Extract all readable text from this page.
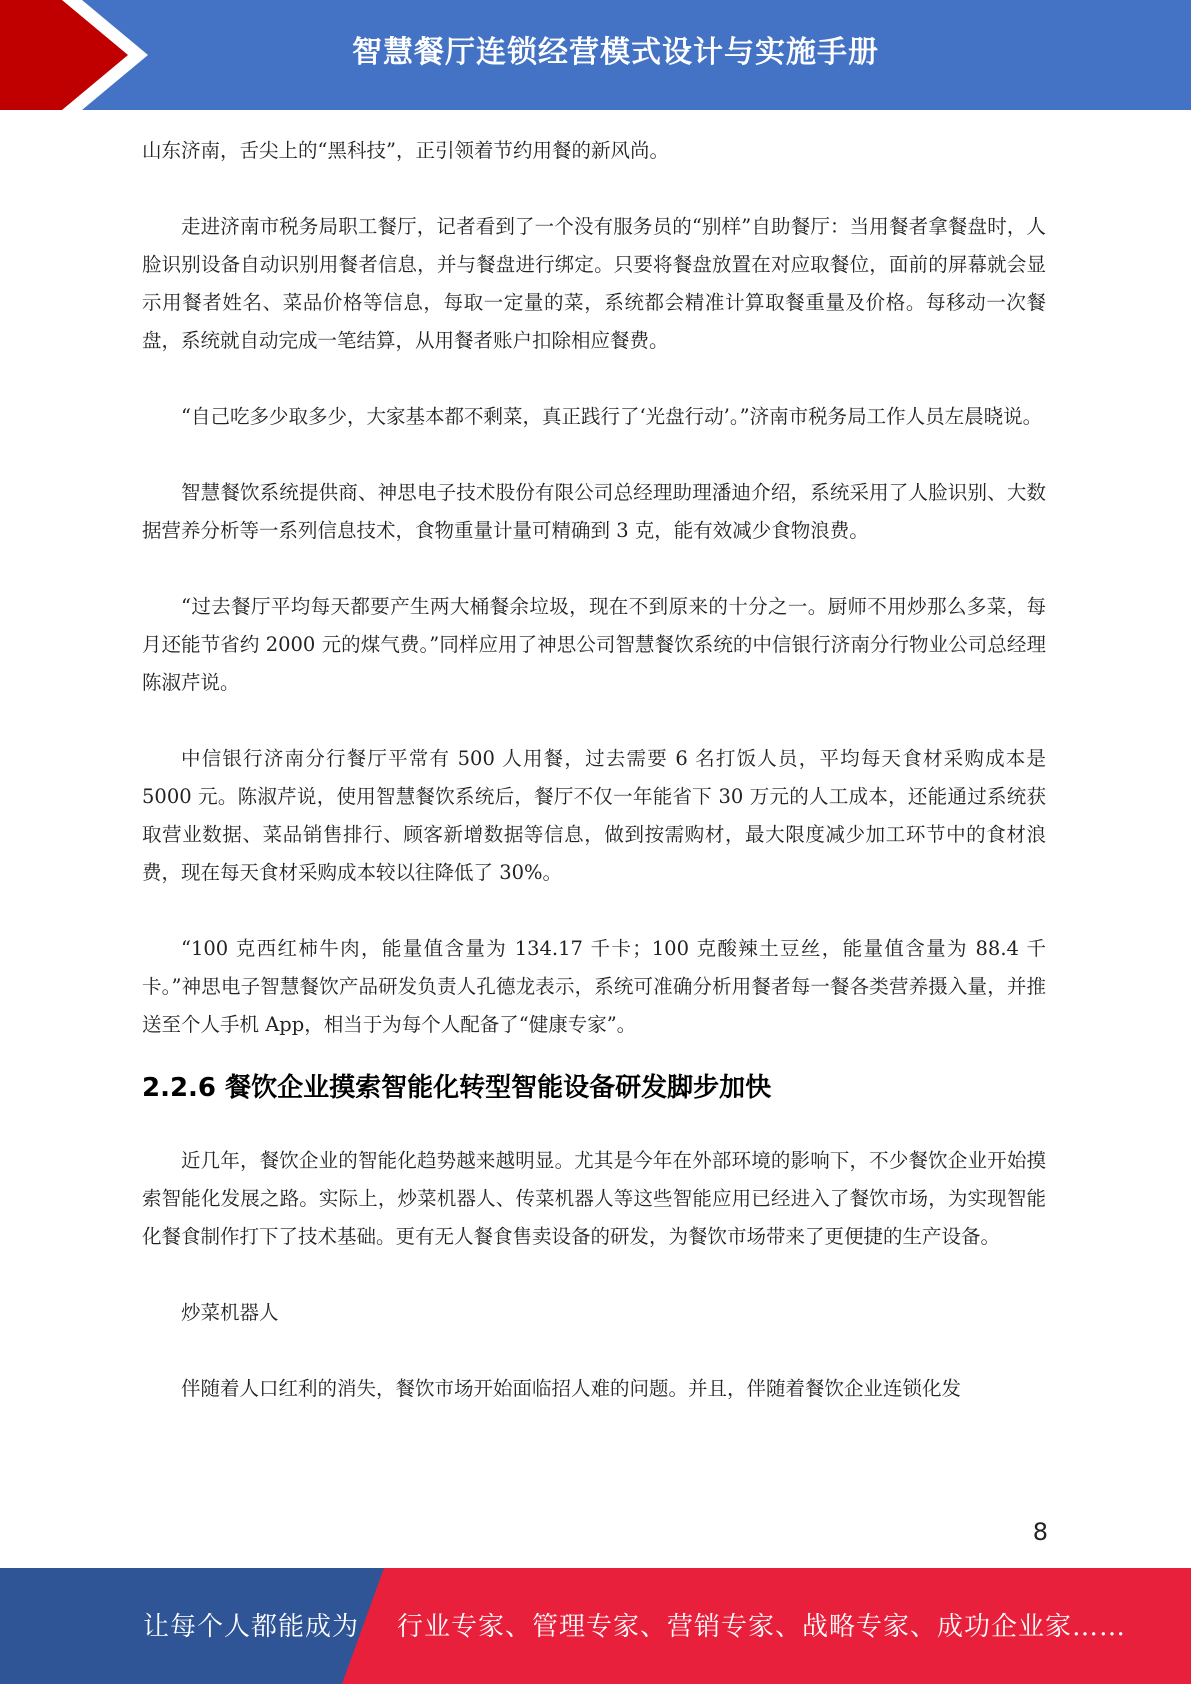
智慧餐厅连锁经营模式设计与实施手册

山东济南，舌尖上的“黑科技”，正引领着节约用餐的新风尚。

走进济南市税务局职工餐厅，记者看到了一个没有服务员的“别样”自助餐厅：当用餐者拿餐盘时，人脸识别设备自动识别用餐者信息，并与餐盘进行绑定。只要将餐盘放置在对应取餐位，面前的屏幕就会显示用餐者姓名、菜品价格等信息，每取一定量的菜，系统都会精准计算取餐重量及价格。每移动一次餐盘，系统就自动完成一笔结算，从用餐者账户扣除相应餐费。

“自己吃多少取多少，大家基本都不剩菜，真正践行了‘光盘行动’。”济南市税务局工作人员左晨晓说。

智慧餐饮系统提供商、神思电子技术股份有限公司总经理助理潘迪介绍，系统采用了人脸识别、大数据营养分析等一系列信息技术，食物重量计量可精确到 3 克，能有效减少食物浪费。

“过去餐厅平均每天都要产生两大桶餐余垃圾，现在不到原来的十分之一。厨师不用炒那么多菜，每月还能节省约 2000 元的煤气费。”同样应用了神思公司智慧餐饮系统的中信银行济南分行物业公司总经理陈淑芹说。

中信银行济南分行餐厅平常有 500 人用餐，过去需要 6 名打饭人员，平均每天食材采购成本是 5000 元。陈淑芹说，使用智慧餐饮系统后，餐厅不仅一年能省下 30 万元的人工成本，还能通过系统获取营业数据、菜品销售排行、顾客新增数据等信息，做到按需购材，最大限度减少加工环节中的食材浪费，现在每天食材采购成本较以往降低了 30%。

“100 克西红柿牛肉，能量值含量为 134.17 千卡；100 克酸辣土豆丝，能量值含量为 88.4 千卡。”神思电子智慧餐饮产品研发负责人孔德龙表示，系统可准确分析用餐者每一餐各类营养摄入量，并推送至个人手机 App，相当于为每个人配备了“健康专家”。

2.2.6 餐饮企业摸索智能化转型智能设备研发脚步加快

近几年，餐饮企业的智能化趋势越来越明显。尤其是今年在外部环境的影响下，不少餐饮企业开始摸索智能化发展之路。实际上，炒菜机器人、传菜机器人等这些智能应用已经进入了餐饮市场，为实现智能化餐食制作打下了技术基础。更有无人餐食售卖设备的研发，为餐饮市场带来了更便捷的生产设备。

炒菜机器人

伴随着人口红利的消失，餐饮市场开始面临招人难的问题。并且，伴随着餐饮企业连锁化发

8
让每个人都能成为 行业专家、管理专家、营销专家、战略专家、成功企业家……
